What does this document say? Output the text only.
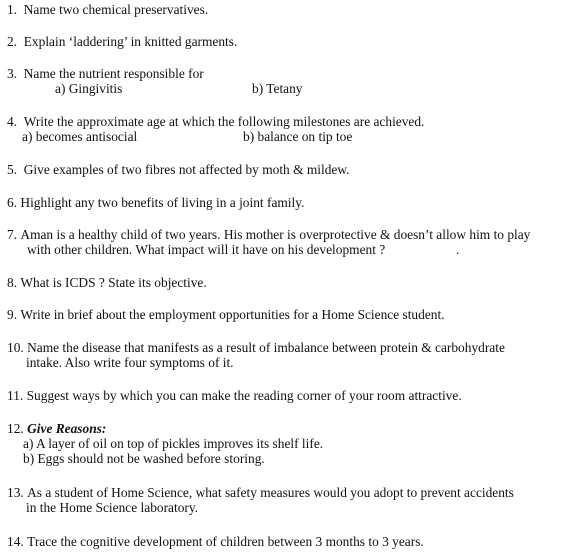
1. Name two chemical preservatives.
2. Explain ‘laddering’ in knitted garments.
3. Name the nutrient responsible for
a) Gingivitis	b) Tetany
4. Write the approximate age at which the following milestones are achieved.
a) becomes antisocial	b) balance on tip toe
5. Give examples of two fibres not affected by moth & mildew.
6. Highlight any two benefits of living in a joint family.
7. Aman is a healthy child of two years. His mother is overprotective & doesn’t allow him to play
with other children. What impact will it have on his development ?	.
8. What is ICDS ? State its objective.
9. Write in brief about the employment opportunities for a Home Science student.
10. Name the disease that manifests as a result of imbalance between protein & carbohydrate
intake. Also write four symptoms of it.
11. Suggest ways by which you can make the reading corner of your room attractive.
12. Give Reasons:
a) A layer of oil on top of pickles improves its shelf life.
b) Eggs should not be washed before storing.
13. As a student of Home Science, what safety measures would you adopt to prevent accidents
in the Home Science laboratory.
14. Trace the cognitive development of children between 3 months to 3 years.
